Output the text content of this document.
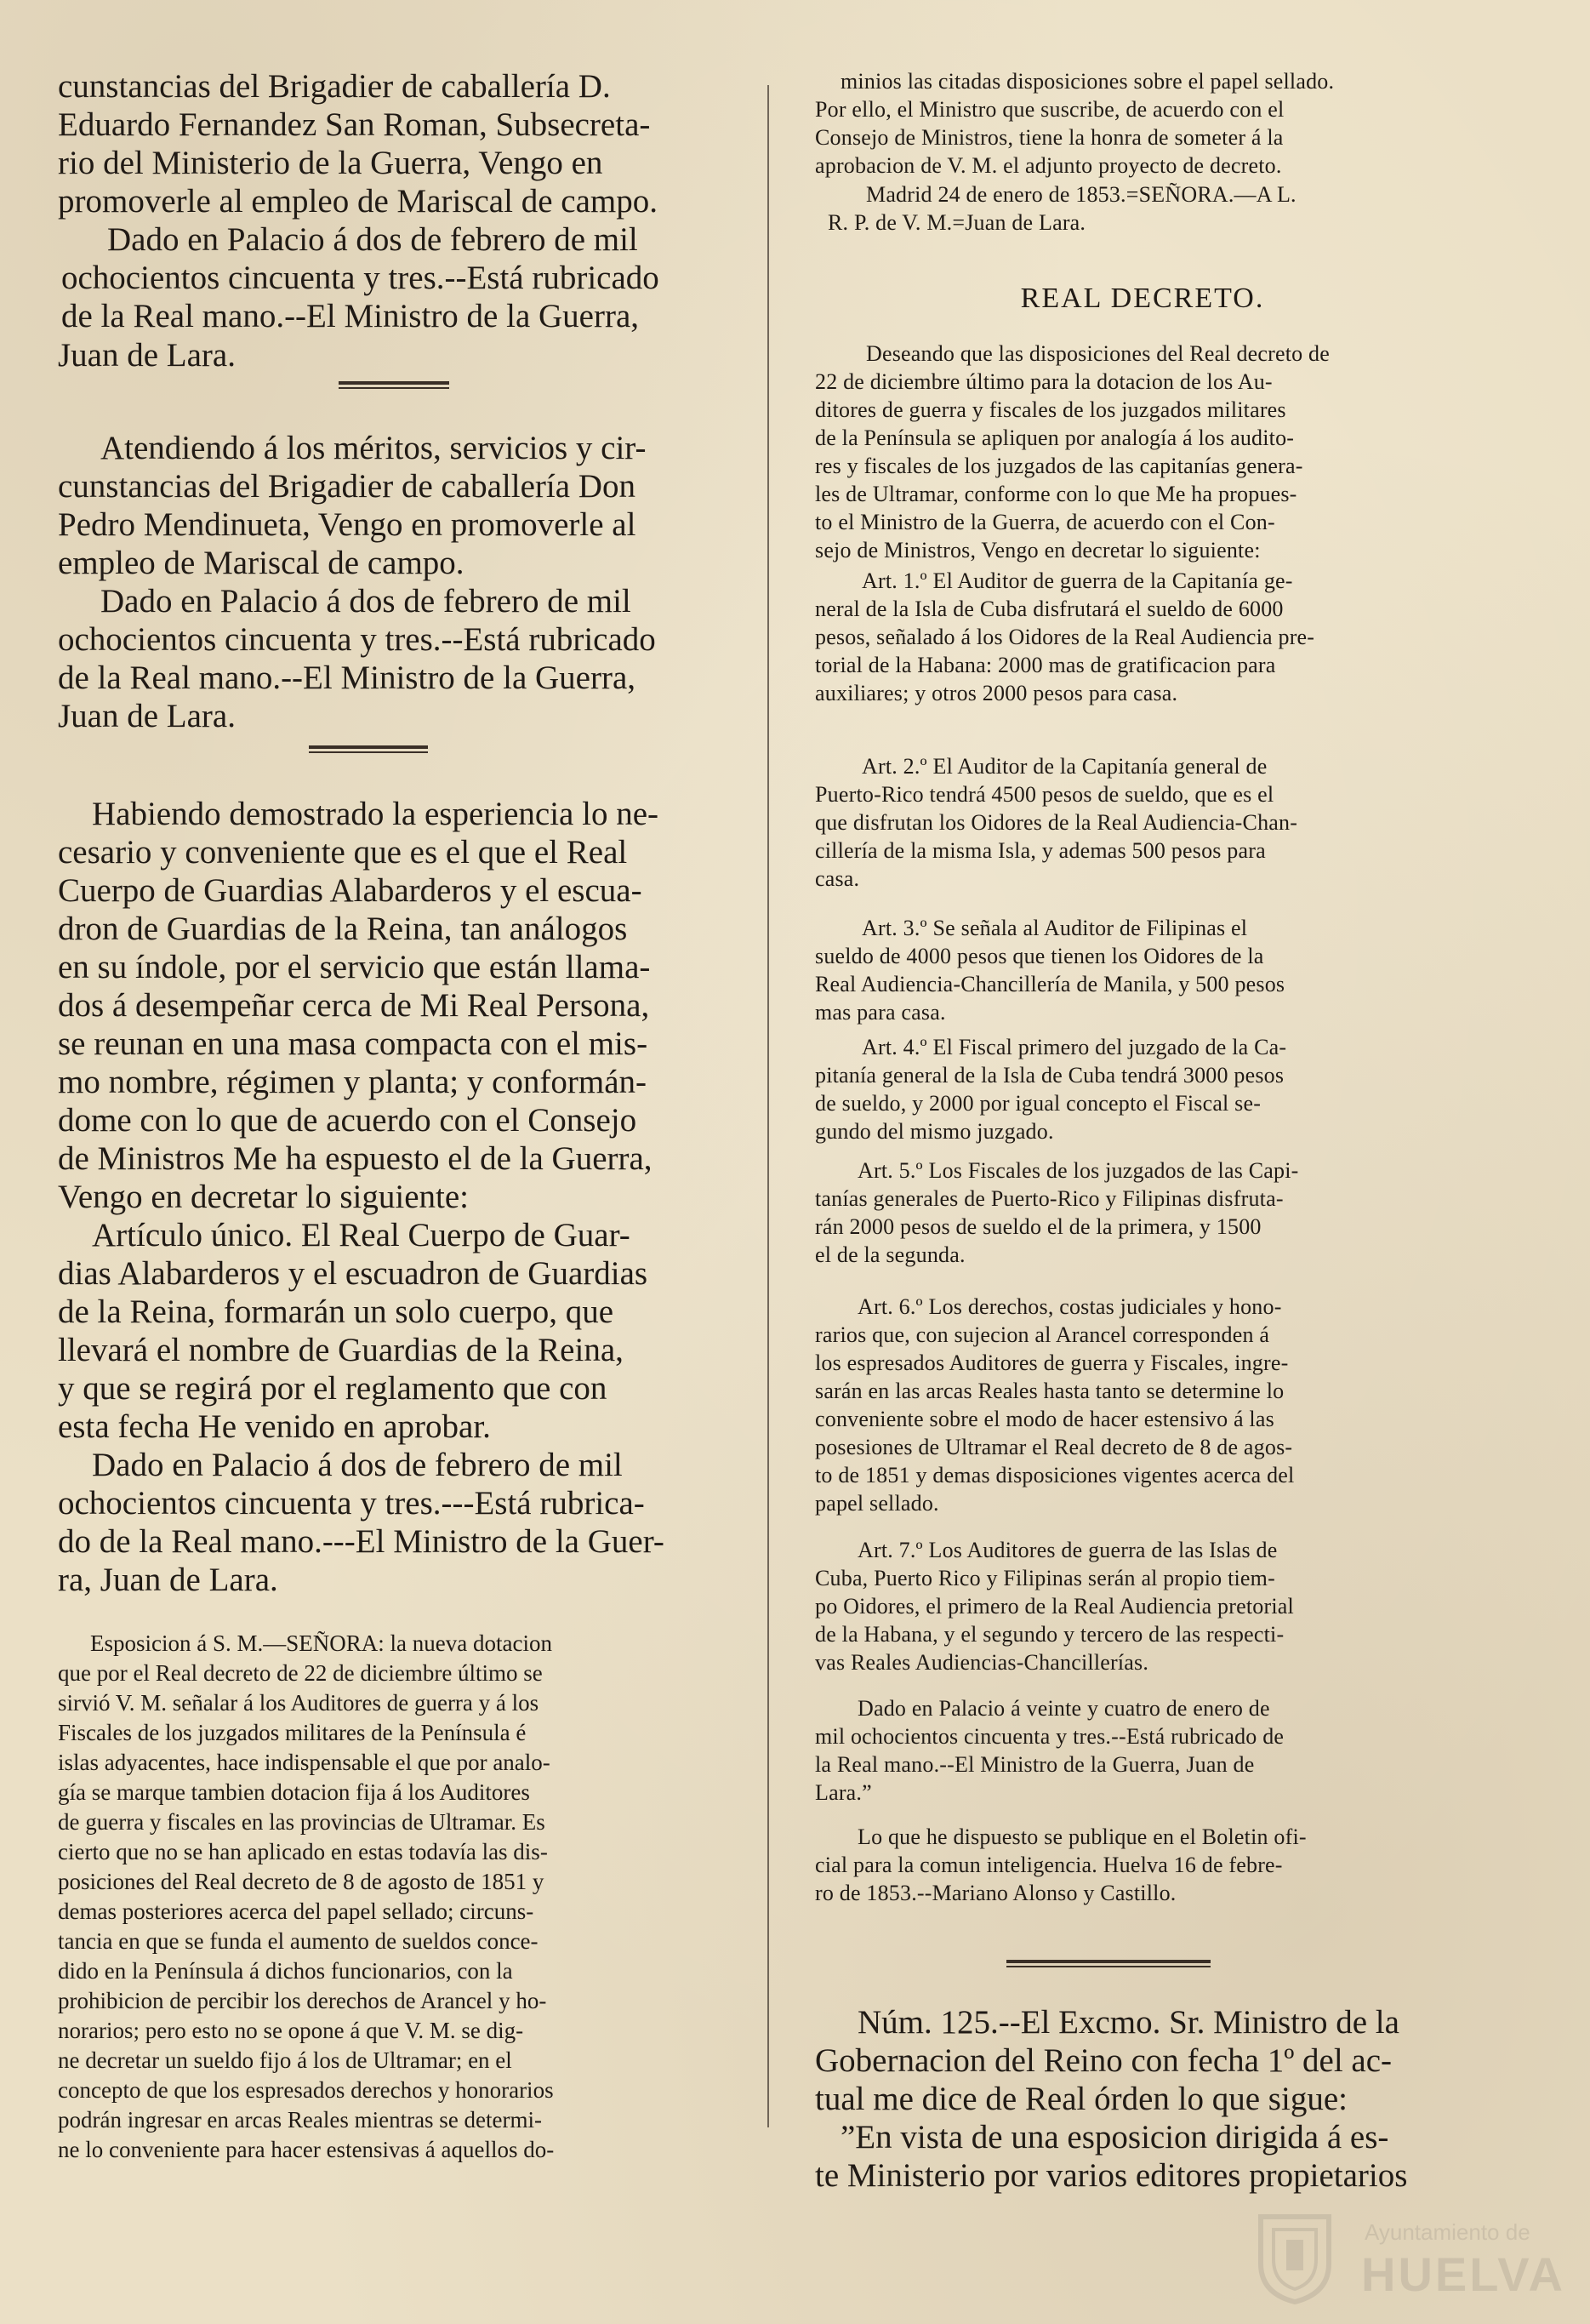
cunstancias del Brigadier de caballería D.
Eduardo Fernandez San Roman, Subsecreta-
rio del Ministerio de la Guerra, Vengo en
promoverle al empleo de Mariscal de campo.
Dado en Palacio á dos de febrero de mil
ochocientos cincuenta y tres.--Está rubricado
de la Real mano.--El Ministro de la Guerra,
Juan de Lara.
Atendiendo á los méritos, servicios y cir-
cunstancias del Brigadier de caballería Don
Pedro Mendinueta, Vengo en promoverle al
empleo de Mariscal de campo.
Dado en Palacio á dos de febrero de mil
ochocientos cincuenta y tres.--Está rubricado
de la Real mano.--El Ministro de la Guerra,
Juan de Lara.
Habiendo demostrado la esperiencia lo ne-
cesario y conveniente que es el que el Real
Cuerpo de Guardias Alabarderos y el escua-
dron de Guardias de la Reina, tan análogos
en su índole, por el servicio que están llama-
dos á desempeñar cerca de Mi Real Persona,
se reunan en una masa compacta con el mis-
mo nombre, régimen y planta; y conformán-
dome con lo que de acuerdo con el Consejo
de Ministros Me ha espuesto el de la Guerra,
Vengo en decretar lo siguiente:
Artículo único. El Real Cuerpo de Guar-
dias Alabarderos y el escuadron de Guardias
de la Reina, formarán un solo cuerpo, que
llevará el nombre de Guardias de la Reina,
y que se regirá por el reglamento que con
esta fecha He venido en aprobar.
Dado en Palacio á dos de febrero de mil
ochocientos cincuenta y tres.---Está rubrica-
do de la Real mano.---El Ministro de la Guer-
ra, Juan de Lara.
Esposicion á S. M.—SEÑORA: la nueva dotacion
que por el Real decreto de 22 de diciembre último se
sirvió V. M. señalar á los Auditores de guerra y á los
Fiscales de los juzgados militares de la Península é
islas adyacentes, hace indispensable el que por analo-
gía se marque tambien dotacion fija á los Auditores
de guerra y fiscales en las provincias de Ultramar. Es
cierto que no se han aplicado en estas todavía las dis-
posiciones del Real decreto de 8 de agosto de 1851 y
demas posteriores acerca del papel sellado; circuns-
tancia en que se funda el aumento de sueldos conce-
dido en la Península á dichos funcionarios, con la
prohibicion de percibir los derechos de Arancel y ho-
norarios; pero esto no se opone á que V. M. se dig-
ne decretar un sueldo fijo á los de Ultramar; en el
concepto de que los espresados derechos y honorarios
podrán ingresar en arcas Reales mientras se determi-
ne lo conveniente para hacer estensivas á aquellos do-
minios las citadas disposiciones sobre el papel sellado.
Por ello, el Ministro que suscribe, de acuerdo con el
Consejo de Ministros, tiene la honra de someter á la
aprobacion de V. M. el adjunto proyecto de decreto.
Madrid 24 de enero de 1853.=SEÑORA.—A L.
R. P. de V. M.=Juan de Lara.
REAL DECRETO.
Deseando que las disposiciones del Real decreto de
22 de diciembre último para la dotacion de los Au-
ditores de guerra y fiscales de los juzgados militares
de la Península se apliquen por analogía á los audito-
res y fiscales de los juzgados de las capitanías genera-
les de Ultramar, conforme con lo que Me ha propues-
to el Ministro de la Guerra, de acuerdo con el Con-
sejo de Ministros, Vengo en decretar lo siguiente:
Art. 1.º El Auditor de guerra de la Capitanía ge-
neral de la Isla de Cuba disfrutará el sueldo de 6000
pesos, señalado á los Oidores de la Real Audiencia pre-
torial de la Habana: 2000 mas de gratificacion para
auxiliares; y otros 2000 pesos para casa.
Art. 2.º El Auditor de la Capitanía general de
Puerto-Rico tendrá 4500 pesos de sueldo, que es el
que disfrutan los Oidores de la Real Audiencia-Chan-
cillería de la misma Isla, y ademas 500 pesos para
casa.
Art. 3.º Se señala al Auditor de Filipinas el
sueldo de 4000 pesos que tienen los Oidores de la
Real Audiencia-Chancillería de Manila, y 500 pesos
mas para casa.
Art. 4.º El Fiscal primero del juzgado de la Ca-
pitanía general de la Isla de Cuba tendrá 3000 pesos
de sueldo, y 2000 por igual concepto el Fiscal se-
gundo del mismo juzgado.
Art. 5.º Los Fiscales de los juzgados de las Capi-
tanías generales de Puerto-Rico y Filipinas disfruta-
rán 2000 pesos de sueldo el de la primera, y 1500
el de la segunda.
Art. 6.º Los derechos, costas judiciales y hono-
rarios que, con sujecion al Arancel corresponden á
los espresados Auditores de guerra y Fiscales, ingre-
sarán en las arcas Reales hasta tanto se determine lo
conveniente sobre el modo de hacer estensivo á las
posesiones de Ultramar el Real decreto de 8 de agos-
to de 1851 y demas disposiciones vigentes acerca del
papel sellado.
Art. 7.º Los Auditores de guerra de las Islas de
Cuba, Puerto Rico y Filipinas serán al propio tiem-
po Oidores, el primero de la Real Audiencia pretorial
de la Habana, y el segundo y tercero de las respecti-
vas Reales Audiencias-Chancillerías.
Dado en Palacio á veinte y cuatro de enero de
mil ochocientos cincuenta y tres.--Está rubricado de
la Real mano.--El Ministro de la Guerra, Juan de
Lara.”
Lo que he dispuesto se publique en el Boletin ofi-
cial para la comun inteligencia. Huelva 16 de febre-
ro de 1853.--Mariano Alonso y Castillo.
Núm. 125.--El Excmo. Sr. Ministro de la
Gobernacion del Reino con fecha 1º del ac-
tual me dice de Real órden lo que sigue:
”En vista de una esposicion dirigida á es-
te Ministerio por varios editores propietarios
Ayuntamiento de
HUELVA
